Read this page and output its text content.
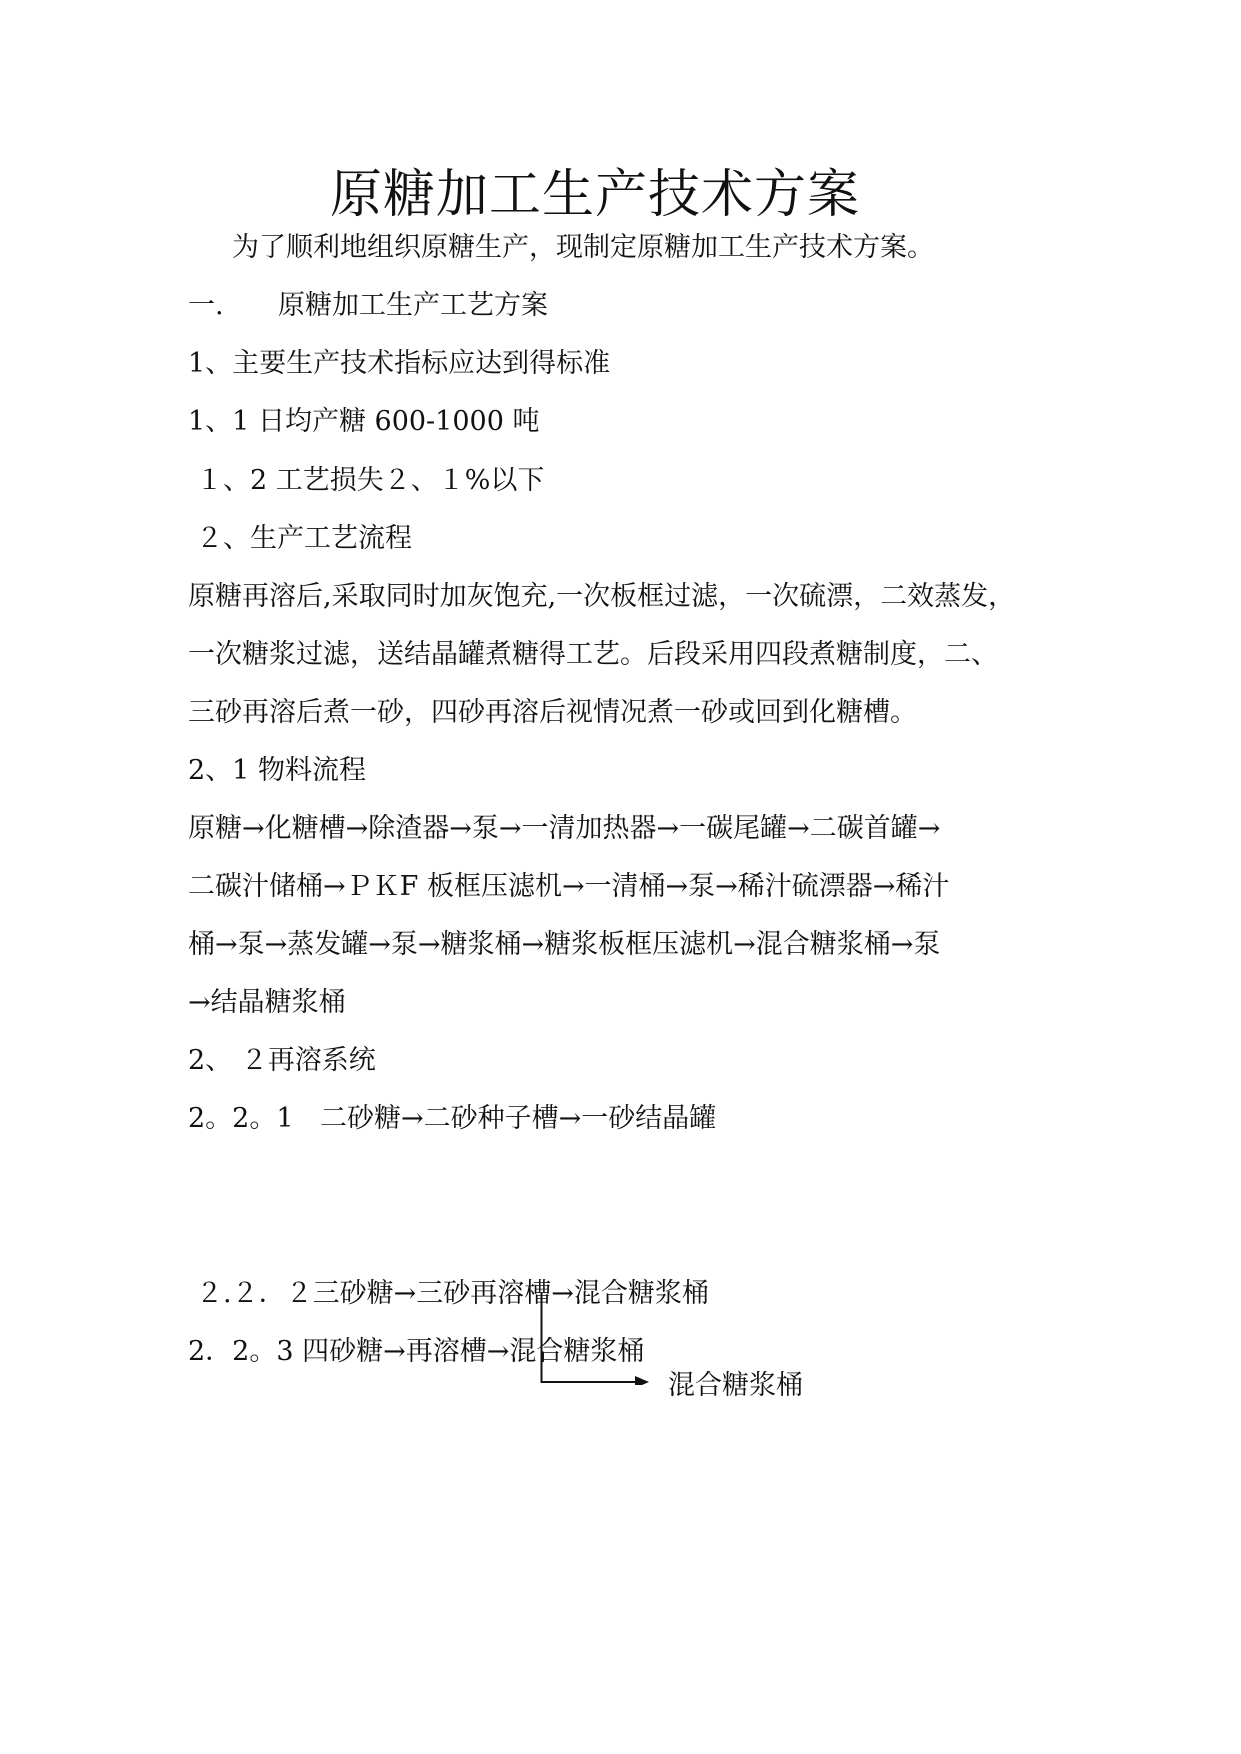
原糖加工生产技术方案
为了顺利地组织原糖生产，现制定原糖加工生产技术方案。
一. 原糖加工生产工艺方案
1、主要生产技术指标应达到得标准
1、1 日均产糖 600-1000 吨
１、2 工艺损失２、１%以下
２、生产工艺流程
原糖再溶后,采取同时加灰饱充,一次板框过滤，一次硫漂，二效蒸发，
一次糖浆过滤，送结晶罐煮糖得工艺。后段采用四段煮糖制度，二、
三砂再溶后煮一砂，四砂再溶后视情况煮一砂或回到化糖槽。
2、1 物料流程
原糖→化糖槽→除渣器→泵→一清加热器→一碳尾罐→二碳首罐→
二碳汁储桶→ＰＫF 板框压滤机→一清桶→泵→稀汁硫漂器→稀汁
桶→泵→蒸发罐→泵→糖浆桶→糖浆板框压滤机→混合糖浆桶→泵
→结晶糖浆桶
2、 ２再溶系统
2。2。1 二砂糖→二砂种子槽→一砂结晶罐
混合糖浆桶
２.２．２三砂糖→三砂再溶槽→混合糖浆桶
2．2。3 四砂糖→再溶槽→混合糖浆桶
